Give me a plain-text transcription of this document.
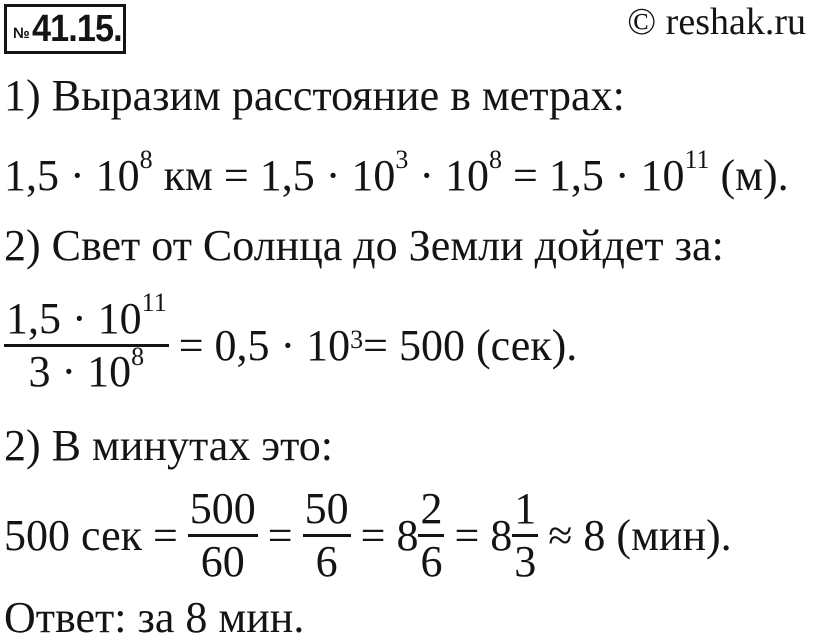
№ 41.15.	© reshak.ru
1) Выразим расстояние в метрах:
$1,5 \cdot 10^8$ км = $1,5 \cdot 10^3 \cdot 10^8 = 1,5 \cdot 10^{11}$ (м).
2) Свет от Солнца до Земли дойдет за:
$\frac{1,5 \cdot 10^{11}}{3 \cdot 10^8} = 0,5 \cdot 10^3 = 500$ (сек).
2) В минутах это:
500 сек = $\frac{500}{60} = \frac{50}{6} = 8 \frac{2}{6} = 8 \frac{1}{3} \approx 8$ (мин).
Ответ: за 8 мин.
